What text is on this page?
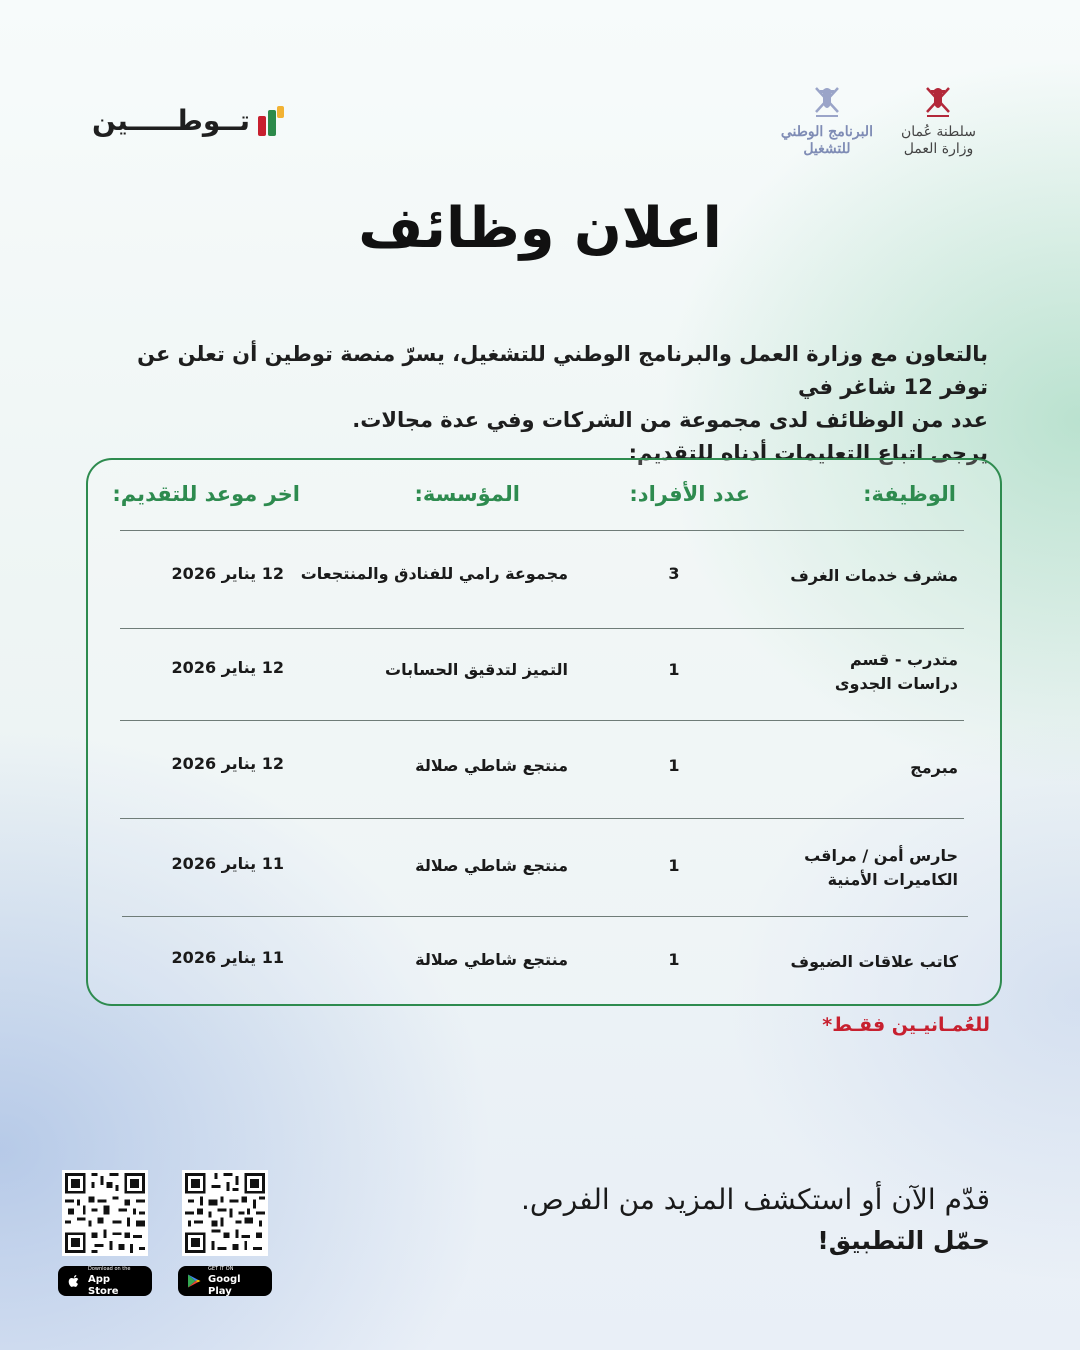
تــوطـــــين	البرنامج الوطني
للتشغيل
سلطنة عُمان
وزارة العمل
اعلان وظائف

بالتعاون مع وزارة العمل والبرنامج الوطني للتشغيل، يسرّ منصة توطين أن تعلن عن توفر 12 شاغر في

عدد من الوظائف لدى مجموعة من الشركات وفي عدة مجالات.

يرجى اتباع التعليمات أدناه للتقديم:

الوظيفة:
عدد الأفراد:
المؤسسة:
اخر موعد للتقديم:
مشرف خدمات الغرف
3
مجموعة رامي للفنادق والمنتجعات
12 يناير 2026
متدرب - قسم دراسات الجدوى
1
التميز لتدقيق الحسابات
12 يناير 2026
مبرمج
1
منتجع شاطي صلالة
12 يناير 2026
حارس أمن / مراقب الكاميرات الأمنية
1
منتجع شاطي صلالة
11 يناير 2026
كاتب علاقات الضيوف
1
منتجع شاطي صلالة
11 يناير 2026
للعُمـانيـين فقـط*
قدّم الآن أو استكشف المزيد من الفرص.
حمّل التطبيق!
Download on the
App Store
GET IT ON
Googl Play
